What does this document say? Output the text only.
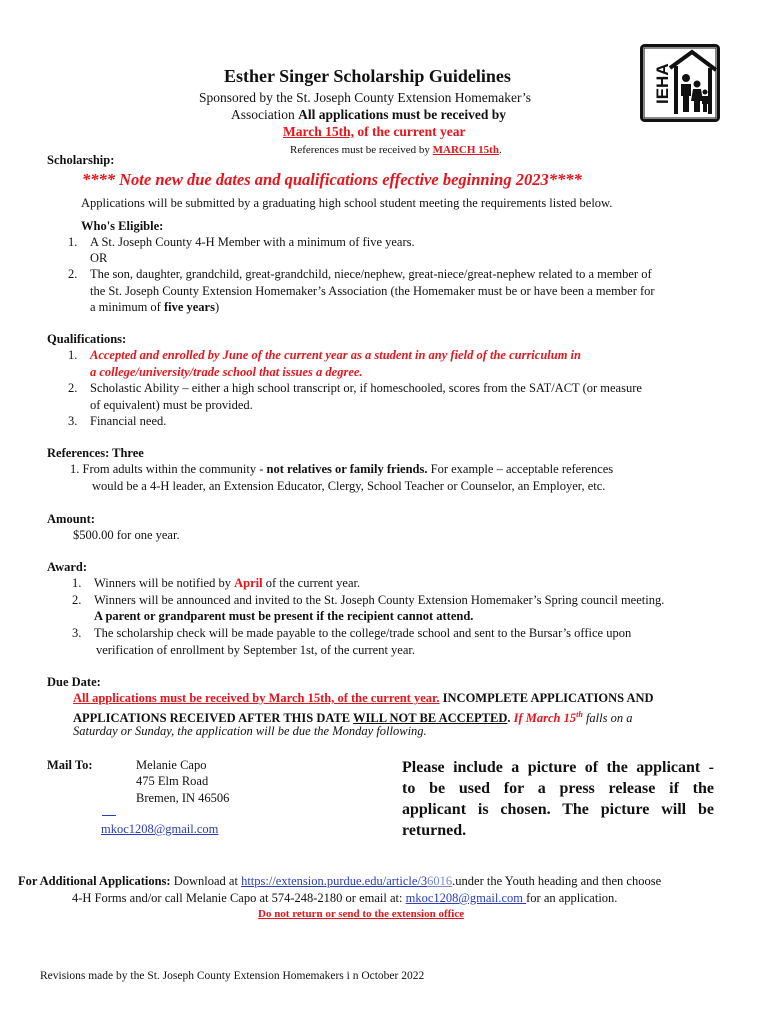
IEHA
Esther Singer Scholarship Guidelines
Sponsored by the St. Joseph County Extension Homemaker’s
Association All applications must be received by
March 15th, of the current year
References must be received by MARCH 15th.
Scholarship:
**** Note new due dates and qualifications effective beginning 2023****
Applications will be submitted by a graduating high school student meeting the requirements listed below.
Who's Eligible:
1. A St. Joseph County 4-H Member with a minimum of five years.
OR
2. The son, daughter, grandchild, great-grandchild, niece/nephew, great-niece/great-nephew related to a member of
the St. Joseph County Extension Homemaker’s Association (the Homemaker must be or have been a member for
a minimum of five years)
Qualifications:
1. Accepted and enrolled by June of the current year as a student in any field of the curriculum in
a college/university/trade school that issues a degree.
2. Scholastic Ability – either a high school transcript or, if homeschooled, scores from the SAT/ACT (or measure
of equivalent) must be provided.
3. Financial need.
References: Three
1. From adults within the community - not relatives or family friends. For example – acceptable references
would be a 4-H leader, an Extension Educator, Clergy, School Teacher or Counselor, an Employer, etc.
Amount:
$500.00 for one year.
Award:
1. Winners will be notified by April of the current year.
2. Winners will be announced and invited to the St. Joseph County Extension Homemaker’s Spring council meeting.
A parent or grandparent must be present if the recipient cannot attend.
3. The scholarship check will be made payable to the college/trade school and sent to the Bursar’s office upon
verification of enrollment by September 1st, of the current year.
Due Date:
All applications must be received by March 15th, of the current year. INCOMPLETE APPLICATIONS AND
APPLICATIONS RECEIVED AFTER THIS DATE WILL NOT BE ACCEPTED. If March 15th falls on a
Saturday or Sunday, the application will be due the Monday following.
Mail To:	Melanie Capo
475 Elm Road
Bremen, IN 46506
mkoc1208@gmail.com
Please include a picture of the applicant -
to be used for a press release if the
applicant is chosen. The picture will be
returned.
For Additional Applications: Download at https://extension.purdue.edu/article/36016.under the Youth heading and then choose
4-H Forms and/or call Melanie Capo at 574-248-2180 or email at: mkoc1208@gmail.com for an application.
Do not return or send to the extension office
Revisions made by the St. Joseph County Extension Homemakers i n October 2022
